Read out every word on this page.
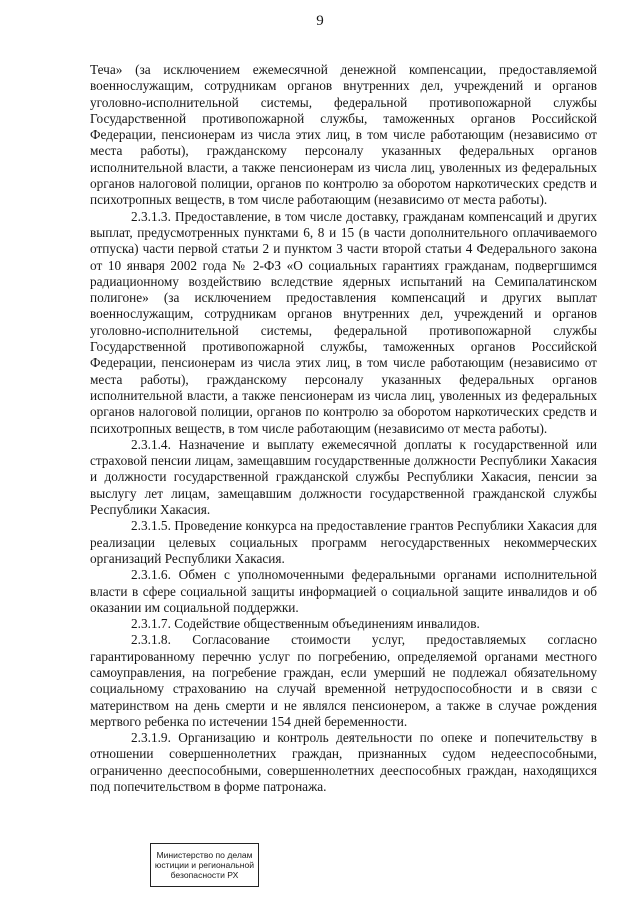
9

Теча» (за исключением ежемесячной денежной компенсации, предоставляемой военнослужащим, сотрудникам органов внутренних дел, учреждений и органов уголовно-исполнительной системы, федеральной противопожарной службы Государственной противопожарной службы, таможенных органов Российской Федерации, пенсионерам из числа этих лиц, в том числе работающим (независимо от места работы), гражданскому персоналу указанных федеральных органов исполнительной власти, а также пенсионерам из числа лиц, уволенных из федеральных органов налоговой полиции, органов по контролю за оборотом наркотических средств и психотропных веществ, в том числе работающим (независимо от места работы).

2.3.1.3. Предоставление, в том числе доставку, гражданам компенсаций и других выплат, предусмотренных пунктами 6, 8 и 15 (в части дополнительного оплачиваемого отпуска) части первой статьи 2 и пунктом 3 части второй статьи 4 Федерального закона от 10 января 2002 года № 2-ФЗ «О социальных гарантиях гражданам, подвергшимся радиационному воздействию вследствие ядерных испытаний на Семипалатинском полигоне» (за исключением предоставления компенсаций и других выплат военнослужащим, сотрудникам органов внутренних дел, учреждений и органов уголовно-исполнительной системы, федеральной противопожарной службы Государственной противопожарной службы, таможенных органов Российской Федерации, пенсионерам из числа этих лиц, в том числе работающим (независимо от места работы), гражданскому персоналу указанных федеральных органов исполнительной власти, а также пенсионерам из числа лиц, уволенных из федеральных органов налоговой полиции, органов по контролю за оборотом наркотических средств и психотропных веществ, в том числе работающим (независимо от места работы).

2.3.1.4. Назначение и выплату ежемесячной доплаты к государственной или страховой пенсии лицам, замещавшим государственные должности Республики Хакасия и должности государственной гражданской службы Республики Хакасия, пенсии за выслугу лет лицам, замещавшим должности государственной гражданской службы Республики Хакасия.

2.3.1.5. Проведение конкурса на предоставление грантов Республики Хакасия для реализации целевых социальных программ негосударственных некоммерческих организаций Республики Хакасия.

2.3.1.6. Обмен с уполномоченными федеральными органами исполнительной власти в сфере социальной защиты информацией о социальной защите инвалидов и об оказании им социальной поддержки.

2.3.1.7. Содействие общественным объединениям инвалидов.

2.3.1.8. Согласование стоимости услуг, предоставляемых согласно гарантированному перечню услуг по погребению, определяемой органами местного самоуправления, на погребение граждан, если умерший не подлежал обязательному социальному страхованию на случай временной нетрудоспособности и в связи с материнством на день смерти и не являлся пенсионером, а также в случае рождения мертвого ребенка по истечении 154 дней беременности.

2.3.1.9. Организацию и контроль деятельности по опеке и попечительству в отношении совершеннолетних граждан, признанных судом недееспособными, ограниченно дееспособными, совершеннолетних дееспособных граждан, находящихся под попечительством в форме патронажа.

Министерство по делам
юстиции и региональной
безопасности РХ
